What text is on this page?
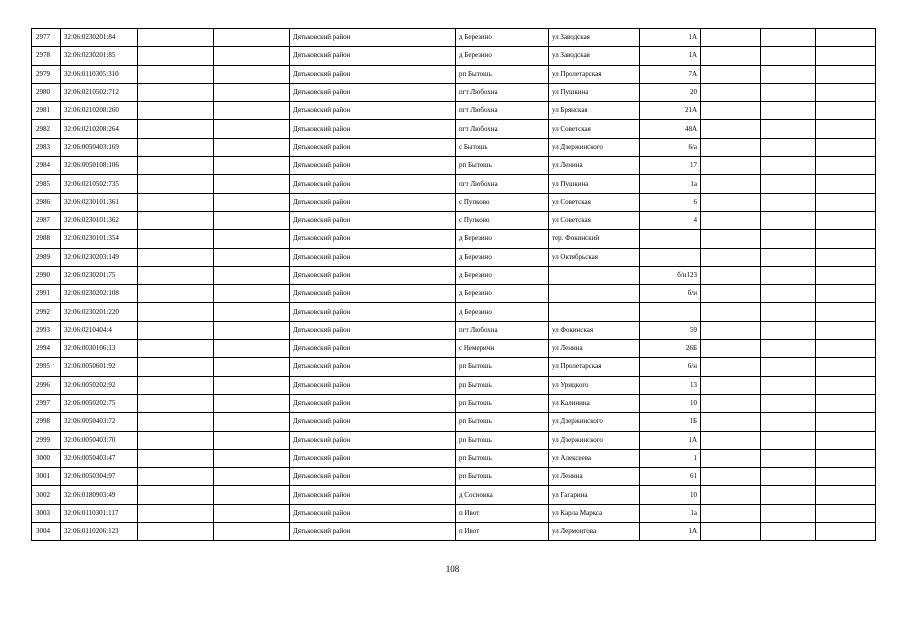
2977	32:06:0230201:84			Дятьковский район	д Березино	ул Заводская	1А			
2978	32:06:0230201:85			Дятьковский район	д Березино	ул Заводская	1А			
2979	32:06:0110305:310			Дятьковский район	рп Бытошь	ул Пролетарская	7А			
2980	32:06:0210502:712			Дятьковский район	пгт Любохна	ул Пушкина	20			
2981	32:06:0210208:260			Дятьковский район	пгт Любохна	ул Брянская	21А			
2982	32:06:0210208:264			Дятьковский район	пгт Любохна	ул Советская	48А			
2983	32:06:0050403:169			Дятьковский район	с Бытошь	ул Дзержинского	6/а			
2984	32:06:0050108:106			Дятьковский район	рп Бытошь	ул Ленина	17			
2985	32:06:0210502:735			Дятьковский район	пгт Любохна	ул Пушкина	1а			
2986	32:06:0230101:361			Дятьковский район	с Пупково	ул Советская	6			
2987	32:06:0230101:362			Дятьковский район	с Пупково	ул Советская	4			
2988	32:06:0230101:354			Дятьковский район	д Березино	тер. Фокинский				
2989	32:06:0230203:149			Дятьковский район	д Березино	ул Октябрьская				
2990	32:06:0230201:75			Дятьковский район	д Березино		б/н123			
2991	32:06:0230202:108			Дятьковский район	д Березино		б/н			
2992	32:06:0230201:220			Дятьковский район	д Березино					
2993	32:06:0210404:4			Дятьковский район	пгт Любохна	ул Фокинская	59			
2994	32:06:0030106:13			Дятьковский район	с Немеричи	ул Ленина	26Б			
2995	32:06:0050601:92			Дятьковский район	рп Бытошь	ул Пролетарская	6/н			
2996	32:06:0050202:92			Дятьковский район	рп Бытошь	ул Урицкого	13			
2997	32:06:0050202:75			Дятьковский район	рп Бытошь	ул Калинина	10			
2998	32:06:0050403:72			Дятьковский район	рп Бытошь	ул Дзержинского	1Б			
2999	32:06:0050403:70			Дятьковский район	рп Бытошь	ул Дзержинского	1А			
3000	32:06:0050403:47			Дятьковский район	рп Бытошь	ул Алексеева	1			
3001	32:06:0050304:97			Дятьковский район	рп Бытошь	ул Ленина	61			
3002	32:06:0180903:49			Дятьковский район	д Сосновка	ул Гагарина	10			
3003	32:06:0110301:117			Дятьковский район	п Ивот	ул Карла Маркса	1а			
3004	32:06:0110206:123			Дятьковский район	п Ивот	ул Лермонтова	1А			
108
